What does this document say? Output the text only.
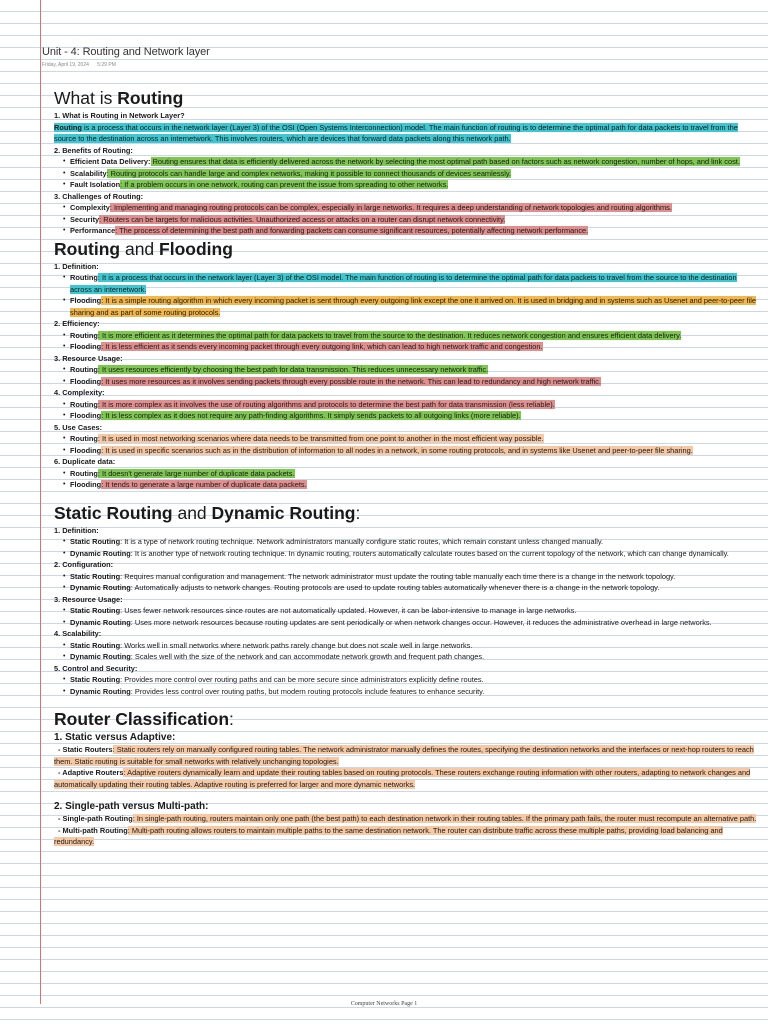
Unit - 4: Routing and Network layer
Friday, April 19, 2024 5:29 PM
What is Routing

1. What is Routing in Network Layer?

Routing is a process that occurs in the network layer (Layer 3) of the OSI (Open Systems Interconnection) model. The main function of routing is to determine the optimal path for data packets to travel from the source to the destination across an internetwork. This involves routers, which are devices that forward data packets along this network path.

2. Benefits of Routing:

• Efficient Data Delivery: Routing ensures that data is efficiently delivered across the network by selecting the most optimal path based on factors such as network congestion, number of hops, and link cost.
• Scalability: Routing protocols can handle large and complex networks, making it possible to connect thousands of devices seamlessly.
• Fault Isolation: If a problem occurs in one network, routing can prevent the issue from spreading to other networks.

3. Challenges of Routing:

• Complexity: Implementing and managing routing protocols can be complex, especially in large networks. It requires a deep understanding of network topologies and routing algorithms.
• Security: Routers can be targets for malicious activities. Unauthorized access or attacks on a router can disrupt network connectivity.
• Performance: The process of determining the best path and forwarding packets can consume significant resources, potentially affecting network performance.
Routing and Flooding

1. Definition:

• Routing: It is a process that occurs in the network layer (Layer 3) of the OSI model. The main function of routing is to determine the optimal path for data packets to travel from the source to the destination across an internetwork.
• Flooding: It is a simple routing algorithm in which every incoming packet is sent through every outgoing link except the one it arrived on. It is used in bridging and in systems such as Usenet and peer-to-peer file sharing and as part of some routing protocols.

2. Efficiency:

• Routing: It is more efficient as it determines the optimal path for data packets to travel from the source to the destination. It reduces network congestion and ensures efficient data delivery.
• Flooding: It is less efficient as it sends every incoming packet through every outgoing link, which can lead to high network traffic and congestion.

3. Resource Usage:

• Routing: It uses resources efficiently by choosing the best path for data transmission. This reduces unnecessary network traffic.
• Flooding: It uses more resources as it involves sending packets through every possible route in the network. This can lead to redundancy and high network traffic.

4. Complexity:

• Routing: It is more complex as it involves the use of routing algorithms and protocols to determine the best path for data transmission (less reliable).
• Flooding: It is less complex as it does not require any path-finding algorithms. It simply sends packets to all outgoing links (more reliable).

5. Use Cases:

• Routing: It is used in most networking scenarios where data needs to be transmitted from one point to another in the most efficient way possible.
• Flooding: It is used in specific scenarios such as in the distribution of information to all nodes in a network, in some routing protocols, and in systems like Usenet and peer-to-peer file sharing.

6. Duplicate data:

• Routing: It doesn't generate large number of duplicate data packets.
• Flooding: It tends to generate a large number of duplicate data packets.
Static Routing and Dynamic Routing:

1. Definition:

• Static Routing: It is a type of network routing technique. Network administrators manually configure static routes, which remain constant unless changed manually.
• Dynamic Routing: It is another type of network routing technique. In dynamic routing, routers automatically calculate routes based on the current topology of the network, which can change dynamically.

2. Configuration:

• Static Routing: Requires manual configuration and management. The network administrator must update the routing table manually each time there is a change in the network topology.
• Dynamic Routing: Automatically adjusts to network changes. Routing protocols are used to update routing tables automatically whenever there is a change in the network topology.

3. Resource Usage:

• Static Routing: Uses fewer network resources since routes are not automatically updated. However, it can be labor-intensive to manage in large networks.
• Dynamic Routing: Uses more network resources because routing updates are sent periodically or when network changes occur. However, it reduces the administrative overhead in large networks.

4. Scalability:

• Static Routing: Works well in small networks where network paths rarely change but does not scale well in large networks.
• Dynamic Routing: Scales well with the size of the network and can accommodate network growth and frequent path changes.

5. Control and Security:

• Static Routing: Provides more control over routing paths and can be more secure since administrators explicitly define routes.
• Dynamic Routing: Provides less control over routing paths, but modern routing protocols include features to enhance security.
Router Classification:
1. Static versus Adaptive:

- Static Routers: Static routers rely on manually configured routing tables. The network administrator manually defines the routes, specifying the destination networks and the interfaces or next-hop routers to reach them. Static routing is suitable for small networks with relatively unchanging topologies.

- Adaptive Routers: Adaptive routers dynamically learn and update their routing tables based on routing protocols. These routers exchange routing information with other routers, adapting to network changes and automatically updating their routing tables. Adaptive routing is preferred for larger and more dynamic networks.

2. Single-path versus Multi-path:

- Single-path Routing: In single-path routing, routers maintain only one path (the best path) to each destination network in their routing tables. If the primary path fails, the router must recompute an alternative path.

- Multi-path Routing: Multi-path routing allows routers to maintain multiple paths to the same destination network. The router can distribute traffic across these multiple paths, providing load balancing and redundancy.

Computer Networks Page 1
